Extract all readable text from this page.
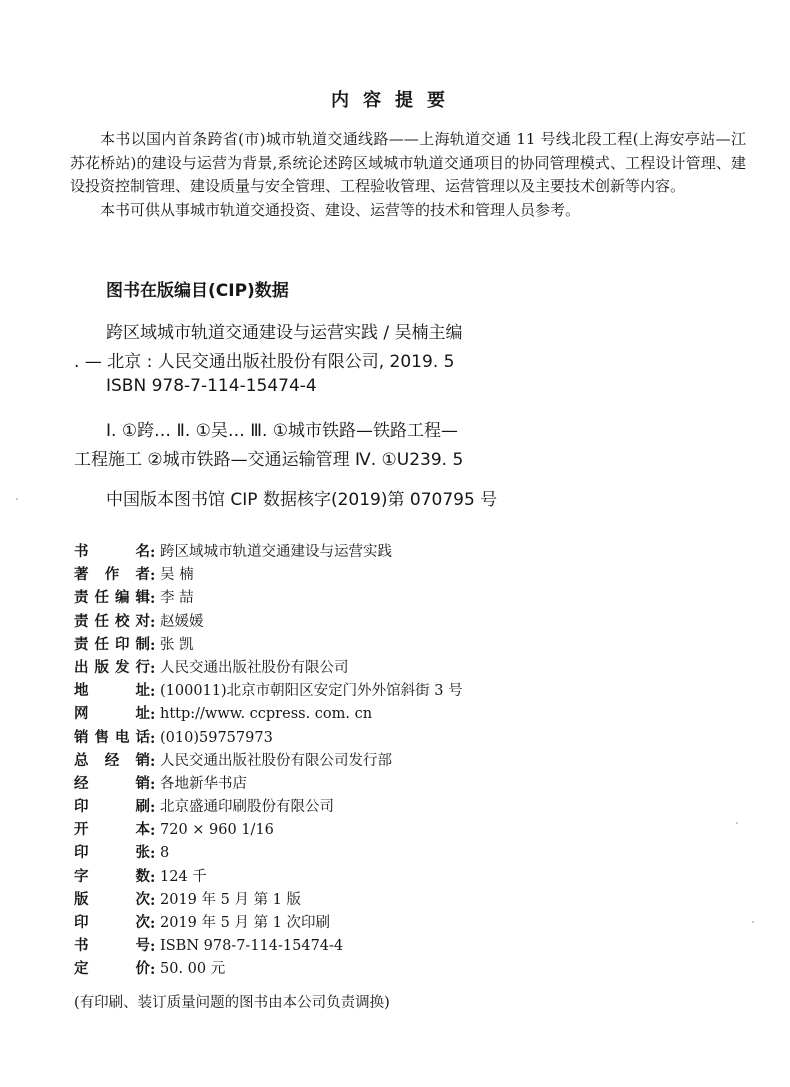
内容提要

本书以国内首条跨省(市)城市轨道交通线路——上海轨道交通 11 号线北段工程(上海安亭站—江苏花桥站)的建设与运营为背景,系统论述跨区域城市轨道交通项目的协同管理模式、工程设计管理、建设投资控制管理、建设质量与安全管理、工程验收管理、运营管理以及主要技术创新等内容。

本书可供从事城市轨道交通投资、建设、运营等的技术和管理人员参考。

图书在版编目(CIP)数据
跨区域城市轨道交通建设与运营实践 / 吴楠主编
. — 北京 : 人民交通出版社股份有限公司, 2019. 5
ISBN 978-7-114-15474-4
Ⅰ. ①跨… Ⅱ. ①吴… Ⅲ. ①城市铁路—铁路工程—
工程施工 ②城市铁路—交通运输管理 Ⅳ. ①U239. 5
中国版本图书馆 CIP 数据核字(2019)第 070795 号
书名 : 跨区域城市轨道交通建设与运营实践
著作者 : 吴 楠
责任编辑 : 李 喆
责任校对 : 赵媛媛
责任印制 : 张 凯
出版发行 : 人民交通出版社股份有限公司
地址 : (100011)北京市朝阳区安定门外外馆斜街 3 号
网址 : http://www. ccpress. com. cn
销售电话 : (010)59757973
总经销 : 人民交通出版社股份有限公司发行部
经销 : 各地新华书店
印刷 : 北京盛通印刷股份有限公司
开本 : 720 × 960 1/16
印张 : 8
字数 : 124 千
版次 : 2019 年 5 月 第 1 版
印次 : 2019 年 5 月 第 1 次印刷
书号 : ISBN 978-7-114-15474-4
定价 : 50. 00 元
(有印刷、装订质量问题的图书由本公司负责调换)
